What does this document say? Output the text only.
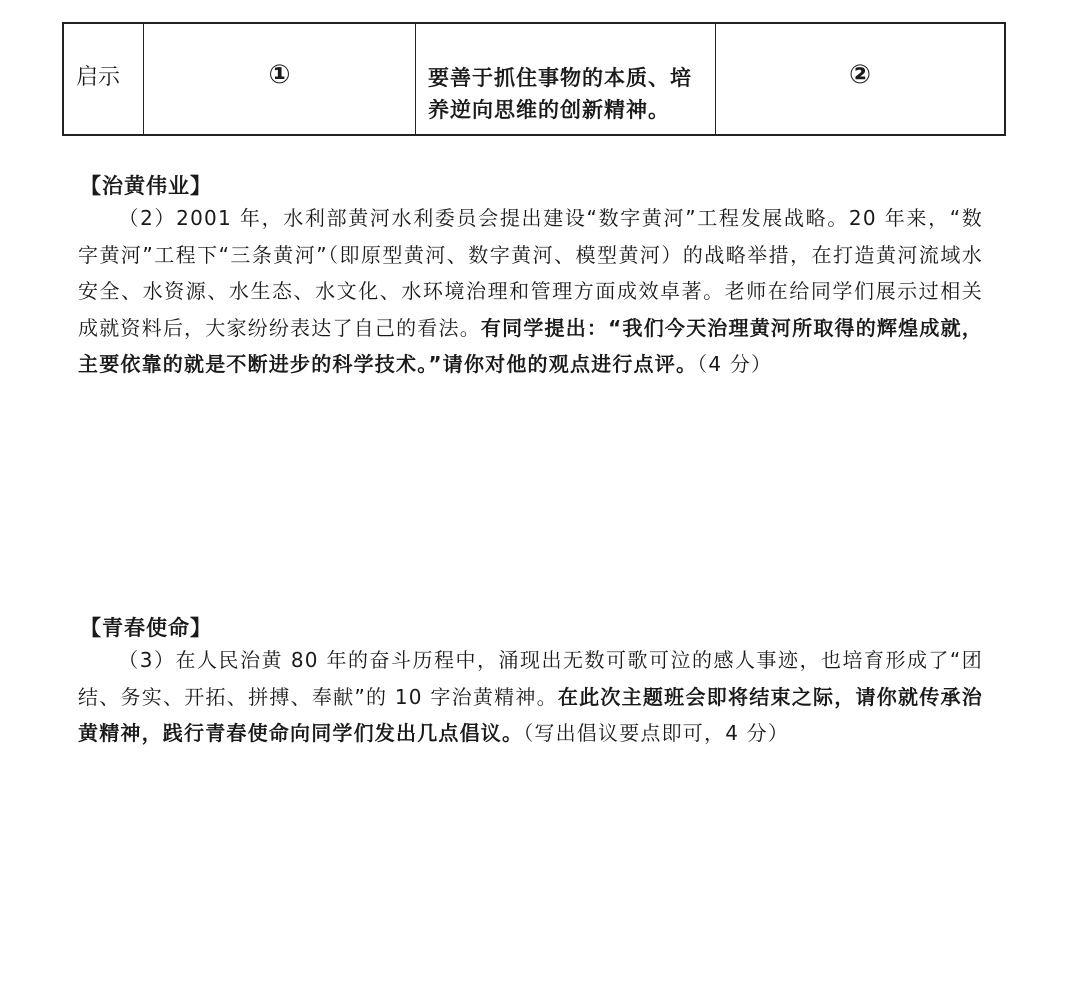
启示	①	要善于抓住事物的本质、培养逆向思维的创新精神。
②
【治黄伟业】
（2）2001 年，水利部黄河水利委员会提出建设“数字黄河”工程发展战略。20 年来，“数字黄河”工程下“三条黄河”（即原型黄河、数字黄河、模型黄河）的战略举措，在打造黄河流域水安全、水资源、水生态、水文化、水环境治理和管理方面成效卓著。老师在给同学们展示过相关成就资料后，大家纷纷表达了自己的看法。有同学提出：“我们今天治理黄河所取得的辉煌成就，主要依靠的就是不断进步的科学技术。”请你对他的观点进行点评。（4 分）
【青春使命】
（3）在人民治黄 80 年的奋斗历程中，涌现出无数可歌可泣的感人事迹，也培育形成了“团结、务实、开拓、拼搏、奉献”的 10 字治黄精神。在此次主题班会即将结束之际，请你就传承治黄精神，践行青春使命向同学们发出几点倡议。（写出倡议要点即可，4 分）
